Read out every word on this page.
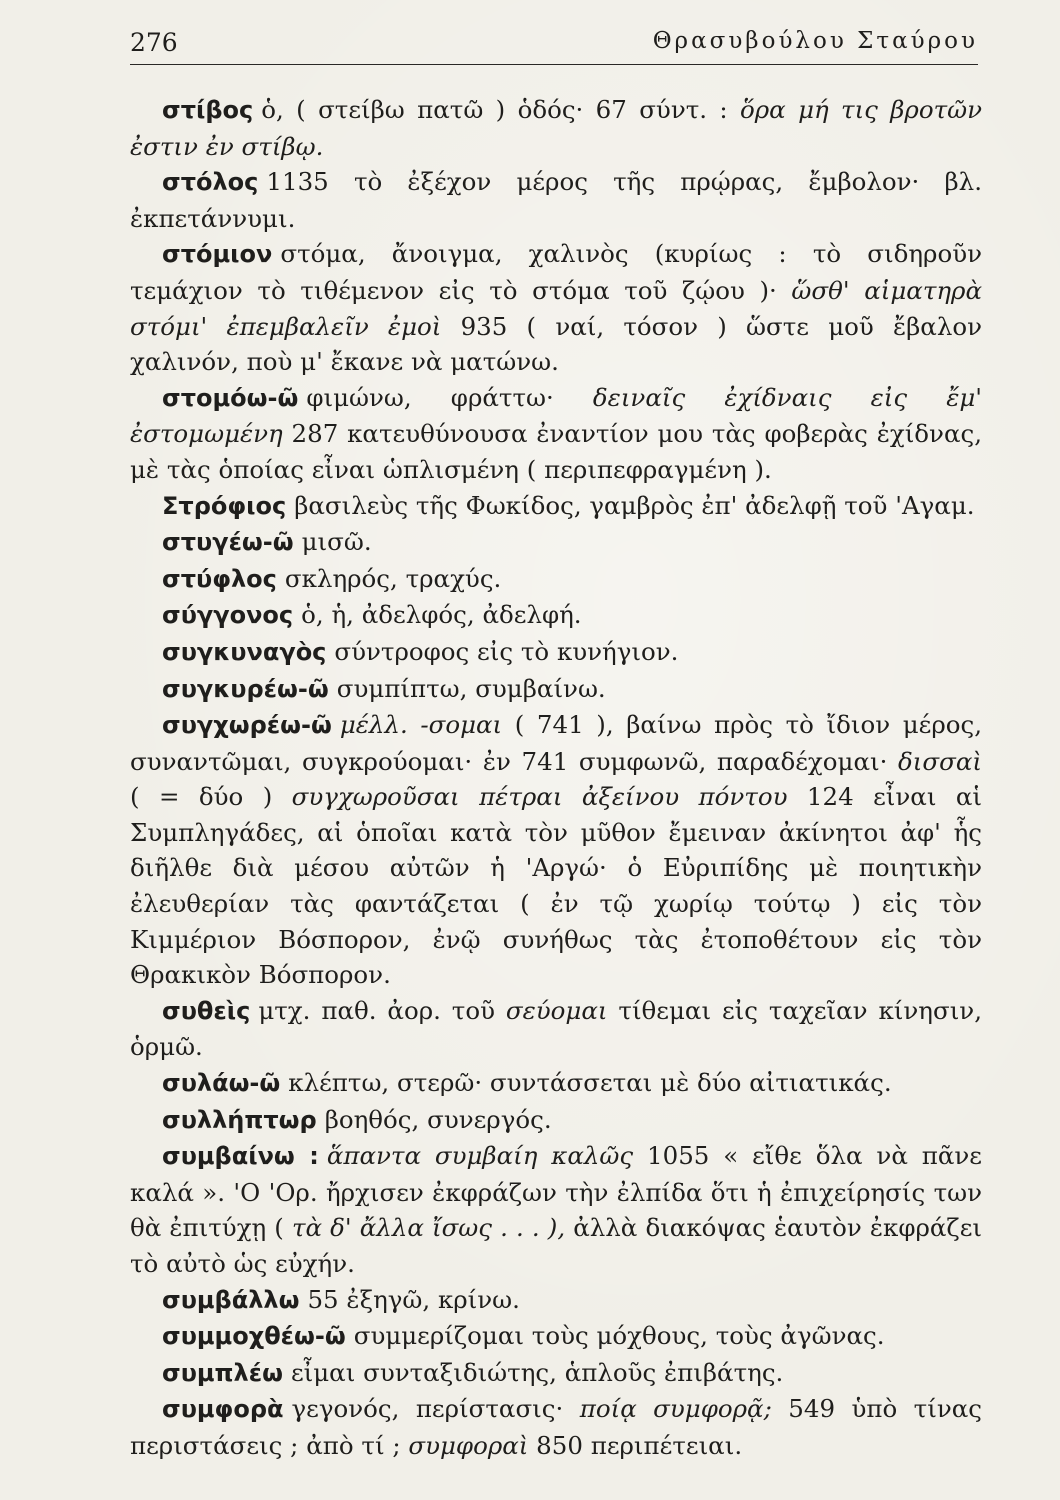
276	Θρασυβούλου Σταύρου

στίβος ὁ, ( στείβω πατῶ ) ὁδός· 67 σύντ. : ὅρα μή τις βροτῶν ἐστιν ἐν στίβῳ.

στόλος 1135 τὸ ἐξέχον μέρος τῆς πρῴρας, ἔμβολον· βλ. ἐκπετάννυμι.

στόμιον στόμα, ἄνοιγμα, χαλινὸς (κυρίως : τὸ σιδηροῦν τεμάχιον τὸ τιθέμενον εἰς τὸ στόμα τοῦ ζῴου )· ὥσθ' αἱματηρὰ στόμι' ἐπεμβαλεῖν ἐμοὶ 935 ( ναί, τόσον ) ὥστε μοῦ ἔβαλον χαλινόν, ποὺ μ' ἔκανε νὰ ματώνω.

στομόω-ῶ φιμώνω, φράττω· δειναῖς ἐχίδναις εἰς ἔμ' ἐστομωμένη 287 κατευθύνουσα ἐναντίον μου τὰς φοβερὰς ἐχίδνας, μὲ τὰς ὁποίας εἶναι ὡπλισμένη ( περιπεφραγμένη ).

Στρόφιος βασιλεὺς τῆς Φωκίδος, γαμβρὸς ἐπ' ἀδελφῇ τοῦ 'Αγαμ.

στυγέω-ῶ μισῶ.

στύφλος σκληρός, τραχύς.

σύγγονος ὁ, ἡ, ἀδελφός, ἀδελφή.

συγκυναγὸς σύντροφος εἰς τὸ κυνήγιον.

συγκυρέω-ῶ συμπίπτω, συμβαίνω.

συγχωρέω-ῶ μέλλ. -σομαι ( 741 ), βαίνω πρὸς τὸ ἴδιον μέρος, συναντῶμαι, συγκρούομαι· ἐν 741 συμφωνῶ, παραδέχομαι· δισσαὶ ( = δύο ) συγχωροῦσαι πέτραι ἀξείνου πόντου 124 εἶναι αἱ Συμπληγάδες, αἱ ὁποῖαι κατὰ τὸν μῦθον ἔμειναν ἀκίνητοι ἀφ' ἧς διῆλθε διὰ μέσου αὐτῶν ἡ 'Αργώ· ὁ Εὐριπίδης μὲ ποιητικὴν ἐλευθερίαν τὰς φαντάζεται ( ἐν τῷ χωρίῳ τούτῳ ) εἰς τὸν Κιμμέριον Βόσπορον, ἐνῷ συνήθως τὰς ἐτοποθέτουν εἰς τὸν Θρακικὸν Βόσπορον.

συθεὶς μτχ. παθ. ἀορ. τοῦ σεύομαι τίθεμαι εἰς ταχεῖαν κίνησιν, ὁρμῶ.

συλάω-ῶ κλέπτω, στερῶ· συντάσσεται μὲ δύο αἰτιατικάς.

συλλήπτωρ βοηθός, συνεργός.

συμβαίνω : ἅπαντα συμβαίη καλῶς 1055 « εἴθε ὅλα νὰ πᾶνε καλά ». 'Ο 'Ορ. ἤρχισεν ἐκφράζων τὴν ἐλπίδα ὅτι ἡ ἐπιχείρησίς των θὰ ἐπιτύχῃ ( τὰ δ' ἄλλα ἴσως . . . ), ἀλλὰ διακόψας ἑαυτὸν ἐκφράζει τὸ αὐτὸ ὡς εὐχήν.

συμβάλλω 55 ἐξηγῶ, κρίνω.

συμμοχθέω-ῶ συμμερίζομαι τοὺς μόχθους, τοὺς ἀγῶνας.

συμπλέω εἶμαι συνταξιδιώτης, ἁπλοῦς ἐπιβάτης.

συμφορὰ γεγονός, περίστασις· ποίᾳ συμφορᾷ; 549 ὑπὸ τίνας περιστάσεις ; ἀπὸ τί ; συμφοραὶ 850 περιπέτειαι.
